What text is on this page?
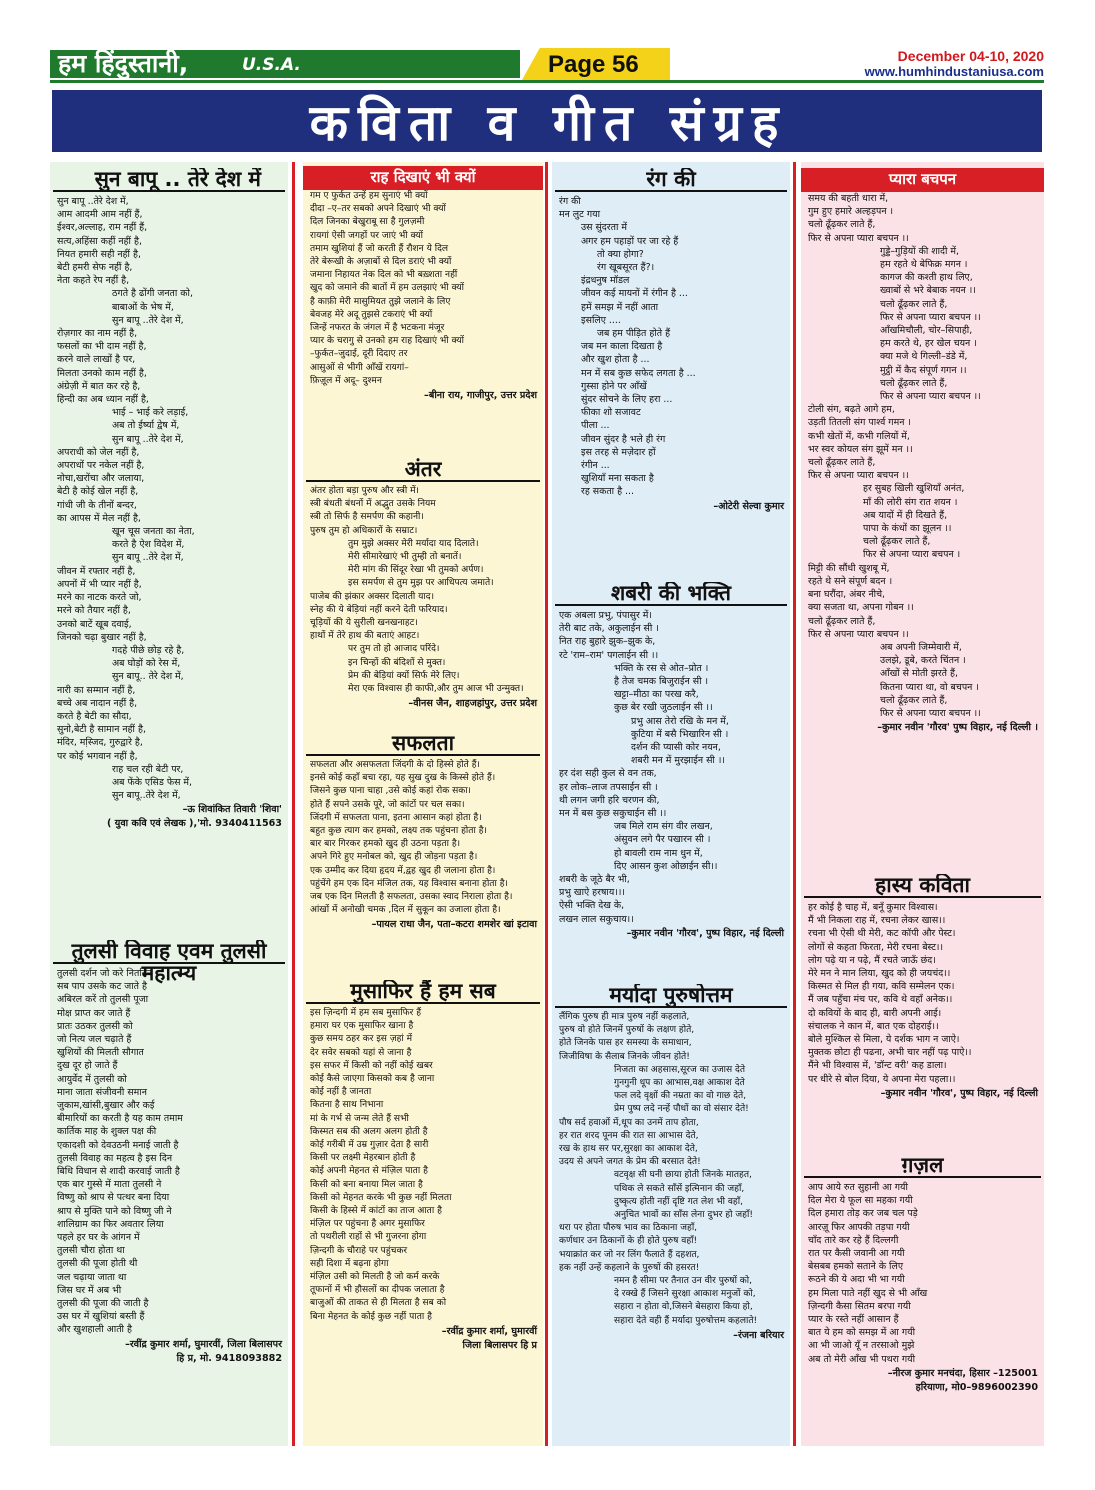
हम हिंदुस्तानी,	U.S.A.	Page 56	December 04-10, 2020
www.humhindustaniusa.com
कविता व गीत संग्रह
सुन बापू .. तेरे देश में
सुन बापू ..तेरे देश में,
आम आदमी आम नहीं हैं,
ईश्वर,अल्लाह, राम नहीं हैं,
सत्य,अहिंसा कहीं नहीं है,
नियत हमारी सही नहीं है,
बेटी हमरी सेफ नहीं है,
नेता कहते रेप नहीं है,
ठगते है ढोंगी जनता को,
बाबाओं के भेष में,
सुन बापू ..तेरे देश में,
रोज़गार का नाम नहीं है,
फसलों का भी दाम नहीं है,
करने वाले लाखों है पर,
मिलता उनको काम नहीं है,
अंग्रेज़ी में बात कर रहे है,
हिन्दी का अब ध्यान नहीं है,
भाई – भाई करे लड़ाई,
अब तो ईर्ष्या द्वेष में,
सुन बापू ..तेरे देश में,
अपराधी को जेल नहीं है,
अपराधों पर नकेल नहीं है,
नोचा,खरोंचा और जलाया,
बेटी है कोई खेल नहीं है,
गांधी जी के तीनों बन्दर,
का आपस में मेल नहीं है,
खून चूस जनता का नेता,
करते है ऐश विदेश में,
सुन बापू ..तेरे देश में,
जीवन में रफ्तार नहीं है,
अपनों में भी प्यार नहीं है,
मरने का नाटक करते जो,
मरने को तैयार नहीं है,
उनको बाटें खूब दवाई,
जिनको चढ़ा बुखार नहीं है,
गदहे पीछे छोड़ रहे है,
अब घोड़ों को रेस में,
सुन बापू.. तेरे देश में,
नारी का सम्मान नहीं है,
बच्चे अब नादान नहीं है,
करते है बेटी का सौदा,
सुनो,बेटी है सामान नहीं है,
मंदिर, मस्जि़द, गुरुद्वारे है,
पर कोई भगवान नहीं है,
राह चल रही बेटी पर,
अब फेंके एसिड फेस में,
सुन बापू..तेरे देश में,
–ऊ शिवांकित तिवारी 'शिवा'
( युवा कवि एवं लेखक ),'मो. 9340411563
तुलसी विवाह एवम तुलसी महात्म्य
तुलसी दर्शन जो करे नितदिन
सब पाप उसके कट जाते है
अबिरल करें तो तुलसी पूजा
मोक्ष प्राप्त कर जाते हैं
प्रातः उठकर तुलसी को
जो नित्य जल चढ़ाते हैं
खुशियों की मिलती सौगात
दुख दूर हो जाते हैं
आयुर्वेद में तुलसी को
माना जाता संजीवनी समान
जुकाम,खांसी,बुखार और कई
बीमारियों का करती है यह काम तमाम
कार्तिक माह के शुक्ल पक्ष की
एकादशी को देवउठनी मनाई जाती है
तुलसी विवाह का महत्व है इस दिन
बिधि विधान से शादी करवाई जाती है
एक बार गुस्से में माता तुलसी ने
विष्णु को श्राप से पत्थर बना दिया
श्राप से मुक्ति पाने को विष्णु जी ने
शालिग्राम का फिर अवतार लिया
पहले हर घर के आंगन में
तुलसी चौरा होता था
तुलसी की पूजा होती थी
जल चढ़ाया जाता था
जिस घर में अब भी
तुलसी की पूजा की जाती है
उस घर में खुशियां बस्ती हैं
और खुशहाली आती है
–रवींद्र कुमार शर्मा, घुमारवीं, जिला बिलासपर
हि प्र, मो. 9418093882
राह दिखाएं भी क्यों
गम ए फुर्कत उन्हें हम सुनाएं भी क्यों
दीदा –ए–तर सबको अपने दिखाएं भी क्यों
दिल जिनका बेखुराबू सा है गुलज़मी
रायगां ऐसी जगहों पर जाएं भी क्यों
तमाम खुशियां हैं जो करती हैं रौशन ये दिल
तेरे बेरूखी के अज़ाबों से दिल डराएं भी क्यों
जमाना निहायत नेक दिल को भी बख़्शता नहीं
खुद को जमाने की बातों में हम उलझाएं भी क्यों
है काफ़ी मेरी मासुमियत तुझे जलाने के लिए
बेवजह मेरे अदू तुझसे टकराएं भी क्यों
जिन्हें नफरत के जंगल में है भटकना मंजूर
प्यार के चरागु से उनको हम राह दिखाएं भी क्यों
–फुर्कत–जुदाई, दूरी दिदाए तर
आसुओं से भीगी आँखें रायगां–
फ़िज़ूल में अदू– दुश्मन
–बीना राय, गाजीपुर, उत्तर प्रदेश
अंतर
अंतर होता बड़ा पुरुष और स्त्री में।
स्त्री बंधती बंधनों में अद्भुत उसके नियम
स्त्री तो सिर्फ है समर्पण की कहानी।
पुरुष तुम हो अधिकारों के सम्राट।
तुम मुझे अक्सर मेरी मर्यादा याद दिलाते।
मेरी सीमारेखाएं भी तुम्ही तो बनातें।
मेरी मांग की सिंदूर रेखा भी तुमको अर्पण।
इस समर्पण से तुम मुझ पर आधिपत्य जमाते।
पाजेब की झंकार अक्सर दिलाती याद।
स्नेह की ये बेड़ियां नहीं करने देती फरियाद।
चूड़ियों की ये सुरीली खनखनाहट।
हाथों में तेरे हाथ की बताएं आहट।
पर तुम तो हो आजाद परिंदे।
इन चिन्हों की बंदिशों से मुक्त।
प्रेम की बेड़ियां क्यों सिर्फ मेरे लिए।
मेरा एक विश्वास ही काफी,और तुम आज भी उन्मुक्त।
–वीनस जैन, शाहजहांपुर, उत्तर प्रदेश
सफलता
सफलता और असफलता जिंदगी के दो हिस्से होते हैं।
इनसे कोई कहाँ बचा रहा, यह सुख दुख के किस्से होते हैं।
जिसने कुछ पाना चाहा ,उसे कोई कहां रोक सका।
होते हैं सपने उसके पूरे, जो कांटों पर चल सका।
जिंदगी में सफलता पाना, इतना आसान कहां होता है।
बहुत कुछ त्याग कर हमको, लक्ष्य तक पहुंचना होता है।
बार बार गिरकर हमको खुद ही उठना पड़ता है।
अपने गिरे हुए मनोबल को, खुद ही जोड़ना पड़ता है।
एक उम्मीद कर दिया हृदय में,द्वह खुद ही जलाना होता है।
पहुंचेंगे हम एक दिन मंजिल तक, यह विश्वास बनाना होता है।
जब एक दिन मिलती है सफलता, उसका स्वाद निराला होता है।
आंखों में अनोखी चमक ,दिल में सुकून का उजाला होता है।
–पायल राधा जैन, पता–कटरा शमशेर खां इटावा
मुसाफिर हैं हम सब
इस ज़िन्दगी में हम सब मुसाफिर हैं
हमारा घर एक मुसाफिर खाना है
कुछ समय ठहर कर इस ज़हां में
देर सवेर सबको यहां से जाना है
इस सफर में किसी को नहीं कोई खबर
कोई कैसे जाएगा किसको कब है जाना
कोई नहीं है जानता
कितना है साथ निभाना
मां के गर्भ से जन्म लेते हैं सभी
किस्मत सब की अलग अलग होती है
कोई गरीबी में उम्र गुज़ार देता है सारी
किसी पर लक्ष्मी मेहरबान होती है
कोई अपनी मेहनत से मंज़िल पाता है
किसी को बना बनाया मिल जाता है
किसी को मेहनत करके भी कुछ नहीं मिलता
किसी के हिस्से में कांटों का ताज आता है
मंज़िल पर पहुंचना है अगर मुसाफिर
तो पथरीली राहों से भी गुजरना होगा
ज़िन्दगी के चौराहे पर पहुंचकर
सही दिशा में बढ़ना होगा
मंज़िल उसी को मिलती है जो कर्म करके
तूफानों में भी हौसलों का दीपक जलाता है
बाजुओं की ताकत से ही मिलता है सब को
बिना मेहनत के कोई कुछ नहीं पाता है
–रवींद्र कुमार शर्मा, घुमारवीं
जिला बिलासपर हि प्र
रंग की
रंग की
मन लुट गया
उस सुंदरता में
अगर हम पहाड़ों पर जा रहे हैं
तो क्या होगा?
रंग खूबसूरत हैं?।
इंद्रधनुष मॉडल
जीवन कई मायनों में रंगीन है ...
हमें समझ में नहीं आता
इसलिए ....
जब हम पीड़ित होते हैं
जब मन काला दिखता है
और खुश होता है ...
मन में सब कुछ सफेद लगता है ...
गुस्सा होने पर आँखें
सुंदर सोचने के लिए हरा ...
फीका शो सजावट
पीला ...
जीवन सुंदर है भले ही रंग
इस तरह से मज़ेदार हों
रंगीन ...
खुशियाँ मना सकता है
रह सकता है ...
–ओटेरी सेल्वा कुमार
शबरी की भक्ति
एक अबला प्रभु, पंपासुर में।
तेरी बाट तके, अकुलाईन सी ।
नित राह बुहारे झुक–झुक के,
रटे 'राम–राम' पगलाईन सी ।।
भक्ति के रस से ओत–प्रोत ।
है तेज चमक बिजुराईन सी ।
खट्टा–मीठा का परख करै,
कुछ बेर रखी जुठलाईन सी ।।
प्रभु आस तेरो रखि के मन में,
कुटिया में बसै भिखारिन सी ।
दर्शन की प्यासी कोर नयन,
शबरी मन में मुरझाईन सी ।।
हर दंश सही कुल से वन तक,
हर लोक–लाज तपसाईन सी ।
थी लगन जगी हरि चरणन की,
मन में बस कुछ सकुचाईन सी ।।
जब मिले राम संग वीर लखन,
अंसुवन लगे पैर पखारन सी ।
हो बावली राम नाम धुन में,
दिए आसन कुश ओछाईन सी।।
शबरी के जूठे बैर भी,
प्रभु खाऐ हरषाय।।।
ऐसी भक्ति देख के,
लखन लाल सकुचाय।।
–कुमार नवीन 'गौरव', पुष्प विहार, नई दिल्ली
मर्यादा पुरुषोत्तम
लैंगिक पुरुष ही मात्र पुरुष नहीं कहलाते,
पुरुष वो होते जिनमें पुरुषों के लक्षण होते,
होते जिनके पास हर समस्या के समाधान,
जिजीविषा के सैलाब जिनके जीवन होते!
निजता का अहसास,सूरज का उजास देते
गुनगुनी धूप का आभास,वक्ष आकाश देते
फल लदे वृक्षों की नम्रता का वो गाछ देते,
प्रेम पुष्प लदे नन्हें पौधों का वो संसार देते!
पौष सर्द हवाओं में,धूप का उनमें ताप होता,
हर रात शरद पूनम की रात सा आभास देते,
रख के हाथ सर पर,सुरक्षा का आकाश देते,
उदय से अपने जगत के प्रेम की बरसात देते!
वटवृक्ष सी घनी छाया होती जिनके मातहत,
पथिक ले सकते साँसें इत्मिनान की जहाँ,
दुष्कृत्य होती नहीं दृष्टि गत लेश भी वहाँ,
अनुचित भावों का साँस लेना दुभर हो जहाँ!
धरा पर होता पौरुष भाव का ठिकाना जहाँ,
कर्णधार उन ठिकानों के ही होते पुरुष वहाँ!
भयाक्रांत कर जो नर लिंग फैलाते हैं दहशत,
हक नहीं उन्हें कहलाने के पुरुषों की हसरत!
नमन है सीमा पर तैनात उन वीर पुरुषों को,
दे रक्खे हैं जिसने सुरक्षा आकाश मनुजों को,
सहारा न होता वो,जिसने बेसहारा किया हो,
सहारा देते वही हैं मर्यादा पुरुषोत्तम कहलाते!
–रंजना बरियार
प्यारा बचपन
समय की बहती धारा में,
गुम हुए हमारे अल्हड़पन ।
चलो ढूँढ़कर लाते हैं,
फिर से अपना प्यारा बचपन ।।
गुड्डे–गुड़ियों की शादी में,
हम रहते थे बेफिक्र मगन ।
कागज की कश्ती हाथ लिए,
ख्वाबों से भरे बेबाक नयन ।।
चलो ढूँढ़कर लाते हैं,
फिर से अपना प्यारा बचपन ।।
आँखमिचौली, चोर–सिपाही,
हम करते थे, हर खेल चयन ।
क्या मजे थे गिल्ली–डंडे में,
मुट्ठी में कैद संपूर्ण गगन ।।
चलो ढूँढ़कर लाते हैं,
फिर से अपना प्यारा बचपन ।।
टोली संग, बढ़ते आगे हम,
उड़ती तितली संग पार्श्व गमन ।
कभी खेतों में, कभी गलियों में,
भर स्वर कोयल संग झूमें मन ।।
चलो ढूँढ़कर लाते हैं,
फिर से अपना प्यारा बचपन ।।
हर सुबह खिली खुशियाँ अनंत,
माँ की लोरी संग रात शयन ।
अब यादों में ही दिखते हैं,
पापा के कंधों का झूलन ।।
चलो ढूँढ़कर लाते हैं,
फिर से अपना प्यारा बचपन ।
मिट्टी की सौंधी खुशबू में,
रहते थे सने संपूर्ण बदन ।
बना घरौंदा, अंबर नीचे,
क्या सजता था, अपना गोबन ।।
चलो ढूँढ़कर लाते हैं,
फिर से अपना प्यारा बचपन ।।
अब अपनी जिम्मेवारी में,
उलझे, डूबे, करते चिंतन ।
आँखों से मोती झरते हैं,
कितना प्यारा था, वो बचपन ।
चलो ढूँढ़कर लाते हैं,
फिर से अपना प्यारा बचपन ।।
–कुमार नवीन 'गौरव' पुष्प विहार, नई दिल्ली ।
हास्य कविता
हर कोई है चाह में, बनूँ कुमार विश्वास।
मैं भी निकला राह में, रचना लेकर खास।।
रचना भी ऐसी थी मेरी, कट कॉपी और पेस्ट।
लोगों से कहता फिरता, मेरी रचना बेस्ट।।
लोग पढ़े या न पढ़े, मैं रचते जाऊँ छंद।
मेरे मन ने मान लिया, खुद को ही जयचंद।।
किस्मत से मिल ही गया, कवि सम्मेलन एक।
मैं जब पहुँचा मंच पर, कवि थे वहाँ अनेक।।
दो कवियों के बाद ही, बारी अपनी आई।
संचालक ने कान में, बात एक दोहराई।।
बोले मुश्किल से मिला, ये दर्शक भाग न जाऐ।
मुक्तक छोटा ही पढना, अभी चार नहीं पढ़ पाऐ।।
मैंने भी विश्वास में, 'डॉन्ट वरी' कह डाला।
पर धीरे से बोल दिया, ये अपना मेरा पहला।।
–कुमार नवीन 'गौरव', पुष्प विहार, नई दिल्ली
ग़ज़ल
आप आये रुत सुहानी आ गयी
दिल मेरा ये फूल सा महका गयी
दिल हमारा तोड़ कर जब चल पड़े
आरज़ू फिर आपकी तड़पा गयी
चाँद तारे कर रहे हैं दिल्लगी
रात पर कैसी जवानी आ गयी
बेसबब हमको सताने के लिए
रूठने की ये अदा भी भा गयी
हम मिला पाते नहीं खुद से भी आँख
ज़िन्दगी कैसा सितम बरपा गयी
प्यार के रस्ते नहीं आसान हैं
बात ये हम को समझ में आ गयी
आ भी जाओ यूँ न तरसाओ मुझे
अब तो मेरी आँख भी पथरा गयी
–नीरज कुमार मनचंदा, हिसार –125001
हरियाणा, मो0–9896002390
